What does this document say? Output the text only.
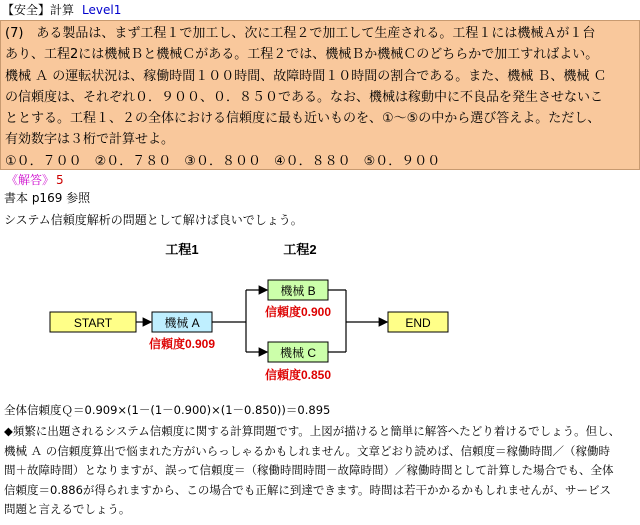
【安全】計算 Level1

(7)　ある製品は、まず工程１で加工し、次に工程２で加工して生産される。工程１には機械Ａが１台

あり、工程2には機械Ｂと機械Ｃがある。工程２では、機械Ｂか機械Ｃのどちらかで加工すればよい。

機械 Ａ の運転状況は、稼働時間１００時間、故障時間１０時間の割合である。また、機械 Ｂ、機械 Ｃ

の信頼度は、それぞれ０．９００、０．８５０である。なお、機械は稼動中に不良品を発生させないこ

ととする。工程１、２の全体における信頼度に最も近いものを、①～⑤の中から選び答えよ。ただし、

有効数字は３桁で計算せよ。

①０．７００　②０．７８０　③０．８００　④０．８８０　⑤０．９００

《解答》 5
書本 p169 参照
システム信頼度解析の問題として解けば良いでしょう。
工程1	工程2
START	機械 A
信頼度0.909
機械 B
信頼度0.900
機械 C
信頼度0.850
END
全体信頼度Ｑ＝0.909×(1－(1－0.900)×(1－0.850))＝0.895

◆頻繁に出題されるシステム信頼度に関する計算問題です。上図が描けると簡単に解答へたどり着けるでしょう。但し、

機械 Ａ の信頼度算出で悩まれた方がいらっしゃるかもしれません。文章どおり読めば、信頼度＝稼働時間／（稼働時

間＋故障時間）となりますが、誤って信頼度＝（稼働時間時間－故障時間）／稼働時間として計算した場合でも、全体

信頼度＝0.886が得られますから、この場合でも正解に到達できます。時間は若干かかるかもしれませんが、サービス

問題と言えるでしょう。
